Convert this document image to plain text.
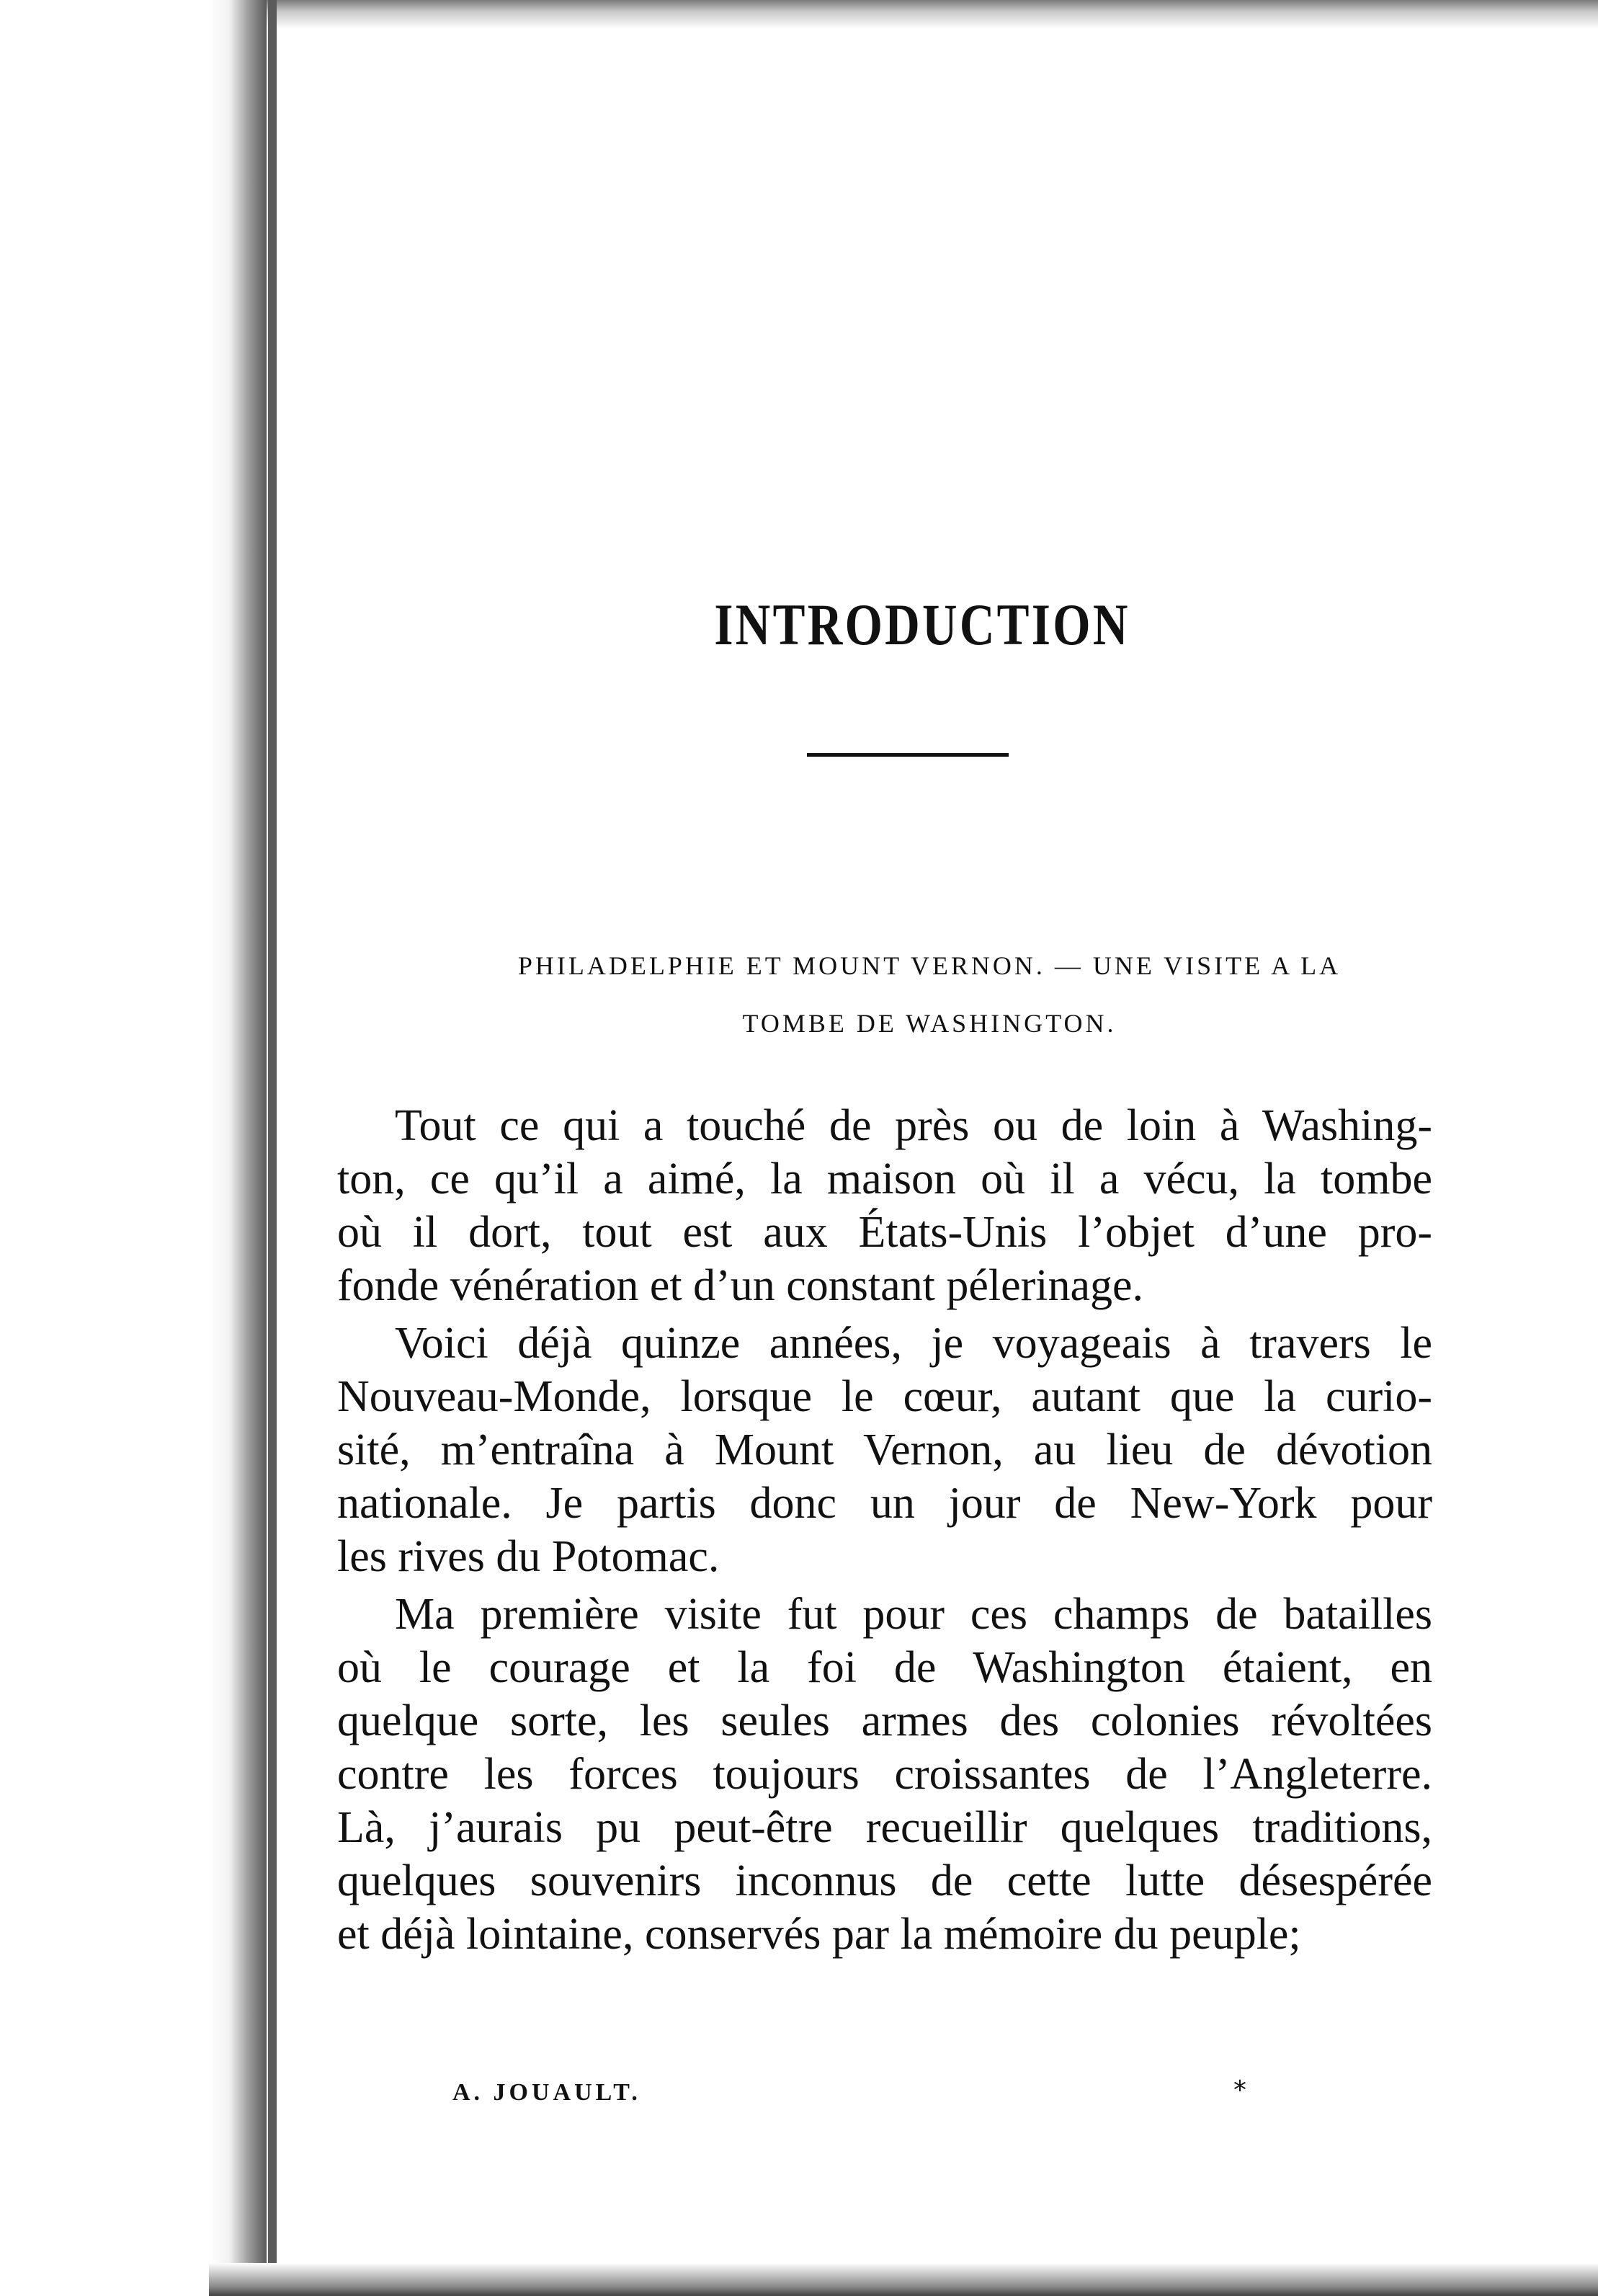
INTRODUCTION
PHILADELPHIE ET MOUNT VERNON. — UNE VISITE A LA
TOMBE DE WASHINGTON.

Tout ce qui a touché de près ou de loin à Washing-
ton, ce qu’il a aimé, la maison où il a vécu, la tombe
où il dort, tout est aux États-Unis l’objet d’une pro-
fonde vénération et d’un constant pélerinage.

Voici déjà quinze années, je voyageais à travers le
Nouveau-Monde, lorsque le cœur, autant que la curio-
sité, m’entraîna à Mount Vernon, au lieu de dévotion
nationale. Je partis donc un jour de New-York pour
les rives du Potomac.

Ma première visite fut pour ces champs de batailles
où le courage et la foi de Washington étaient, en
quelque sorte, les seules armes des colonies révoltées
contre les forces toujours croissantes de l’Angleterre.
Là, j’aurais pu peut-être recueillir quelques traditions,
quelques souvenirs inconnus de cette lutte désespérée
et déjà lointaine, conservés par la mémoire du peuple;

A. JOUAULT.	*
